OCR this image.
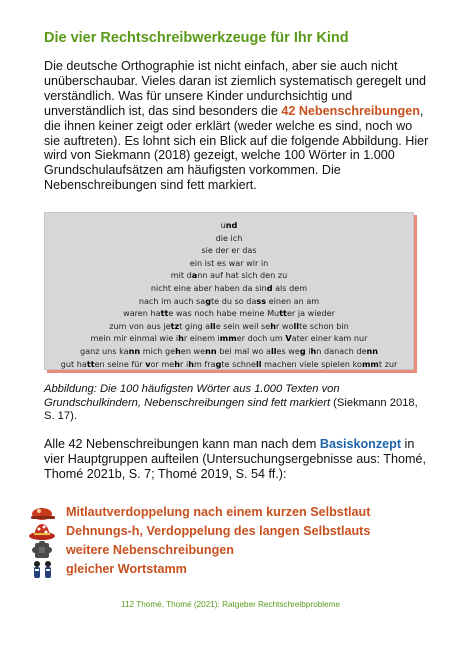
Die vier Rechtschreibwerkzeuge für Ihr Kind

Die deutsche Orthographie ist nicht einfach, aber sie auch nicht unüberschaubar. Vieles daran ist ziemlich systematisch geregelt und verständlich. Was für unsere Kinder undurchsichtig und unverständlich ist, das sind besonders die 42 Nebenschreibungen, die ihnen keiner zeigt oder erklärt (weder welche es sind, noch wo sie auftreten). Es lohnt sich ein Blick auf die folgende Abbildung. Hier wird von Siekmann (2018) gezeigt, welche 100 Wörter in 1.000 Grundschulaufsätzen am häufigsten vorkommen. Die Nebenschreibungen sind fett markiert.

und
die ich
sie der er das
ein ist es war wir in
mit dann auf hat sich den zu
nicht eine aber haben da sind als dem
nach im auch sagte du so dass einen an am
waren hatte was noch habe meine Mutter ja wieder
zum von aus jetzt ging alle sein weil sehr wollte schon bin
mein mir einmal wie ihr einem immer doch um Vater einer kam nur
ganz uns kann mich gehen wenn bei mal wo alles weg ihn danach denn
gut hatten seine für vor mehr ihm fragte schnell machen viele spielen kommt zur

Abbildung: Die 100 häufigsten Wörter aus 1.000 Texten von Grundschulkindern, Nebenschreibungen sind fett markiert (Siekmann 2018, S. 17).

Alle 42 Nebenschreibungen kann man nach dem Basiskonzept in vier Hauptgruppen aufteilen (Untersuchungsergebnisse aus: Thomé, Thomé 2021b, S. 7; Thomé 2019, S. 54 ff.):

Mitlautverdoppelung nach einem kurzen Selbstlaut
Dehnungs-h, Verdoppelung des langen Selbstlauts
weitere Nebenschreibungen
gleicher Wortstamm
112 Thomé, Thomé (2021): Ratgeber Rechtschreibprobleme
